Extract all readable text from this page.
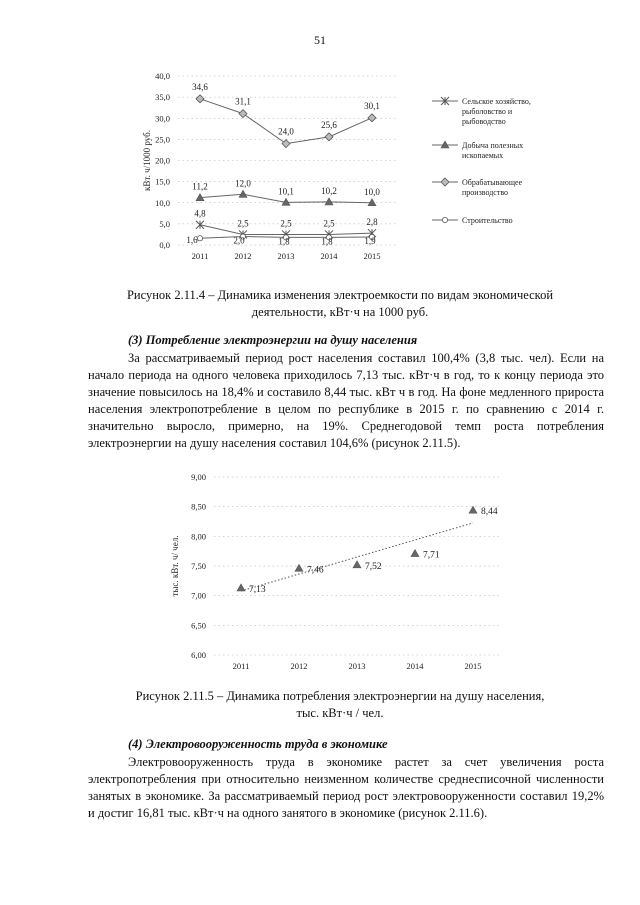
51
0,0
5,0
10,0
15,0
20,0
25,0
30,0
35,0
40,0
2011	2012	2013	2014	2015
кВт. ч/1000 руб.
4,8
2,5	2,5	2,5	2,8
11,2	12,0
10,1	10,2	10,0
34,6
31,1
24,0
25,6
30,1
1,6	2,0	1,8	1,8	1,9
Сельское хозяйство,
рыболовство и
рыбоводство
Добыча полезных
ископаемых
Обрабатывающее
производство
Строительство
Рисунок 2.11.4 – Динамика изменения электроемкости по видам экономической
деятельности, кВт·ч на 1000 руб.
(3) Потребление электроэнергии на душу населения
За рассматриваемый период рост населения составил 100,4% (3,8 тыс. чел). Если на начало периода на одного человека приходилось 7,13 тыс. кВт·ч в год, то к концу периода это значение повысилось на 18,4% и составило 8,44 тыс. кВт ч в год. На фоне медленного прироста населения электропотребление в целом по республике в 2015 г. по сравнению с 2014 г. значительно выросло, примерно, на 19%. Среднегодовой темп роста потребления электроэнергии на душу населения составил 104,6% (рисунок 2.11.5).
6,00
6,50
7,00
7,50
8,00
8,50
9,00
2011	2012	2013	2014	2015
тыс. кВт. ч/ чел.	7,13
7,46	7,52
7,71
8,44
Рисунок 2.11.5 – Динамика потребления электроэнергии на душу населения,
тыс. кВт·ч / чел.
(4) Электровооруженность труда в экономике
Электровооруженность труда в экономике растет за счет увеличения роста электропотребления при относительно неизменном количестве среднесписочной численности занятых в экономике. За рассматриваемый период рост электровооруженности составил 19,2% и достиг 16,81 тыс. кВт·ч на одного занятого в экономике (рисунок 2.11.6).
